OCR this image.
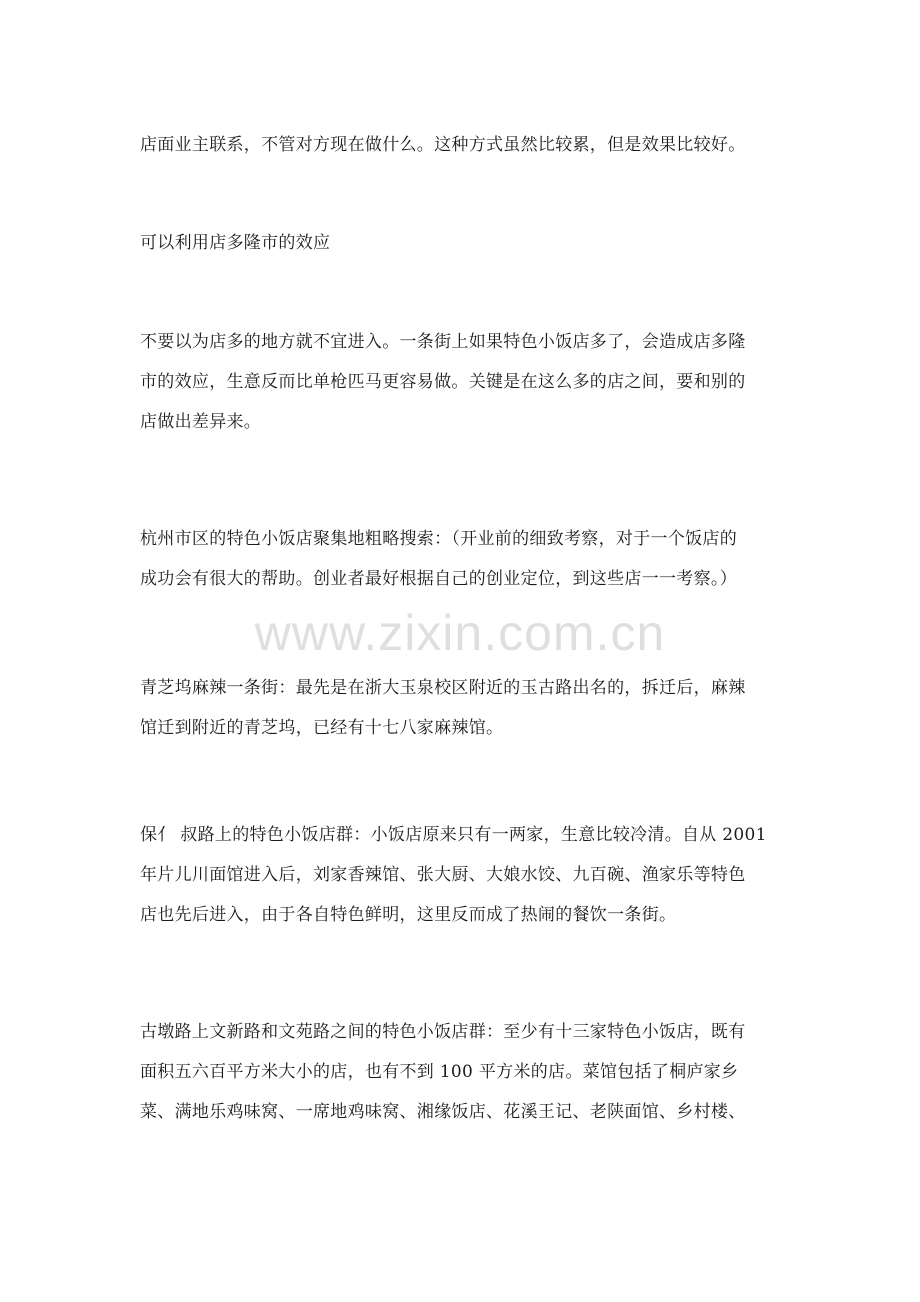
店面业主联系，不管对方现在做什么。这种方式虽然比较累，但是效果比较好。

可以利用店多隆市的效应

不要以为店多的地方就不宜进入。一条街上如果特色小饭店多了，会造成店多隆
市的效应，生意反而比单枪匹马更容易做。关键是在这么多的店之间，要和别的
店做出差异来。

杭州市区的特色小饭店聚集地粗略搜索：（开业前的细致考察，对于一个饭店的
成功会有很大的帮助。创业者最好根据自己的创业定位，到这些店一一考察。）

青芝坞麻辣一条街：最先是在浙大玉泉校区附近的玉古路出名的，拆迁后，麻辣
馆迁到附近的青芝坞，已经有十七八家麻辣馆。

保亻 叔路上的特色小饭店群：小饭店原来只有一两家，生意比较冷清。自从 2001
年片儿川面馆进入后，刘家香辣馆、张大厨、大娘水饺、九百碗、渔家乐等特色
店也先后进入，由于各自特色鲜明，这里反而成了热闹的餐饮一条街。

古墩路上文新路和文苑路之间的特色小饭店群：至少有十三家特色小饭店，既有
面积五六百平方米大小的店，也有不到 100 平方米的店。菜馆包括了桐庐家乡
菜、满地乐鸡味窝、一席地鸡味窝、湘缘饭店、花溪王记、老陕面馆、乡村楼、

www.zixin.com.cn
